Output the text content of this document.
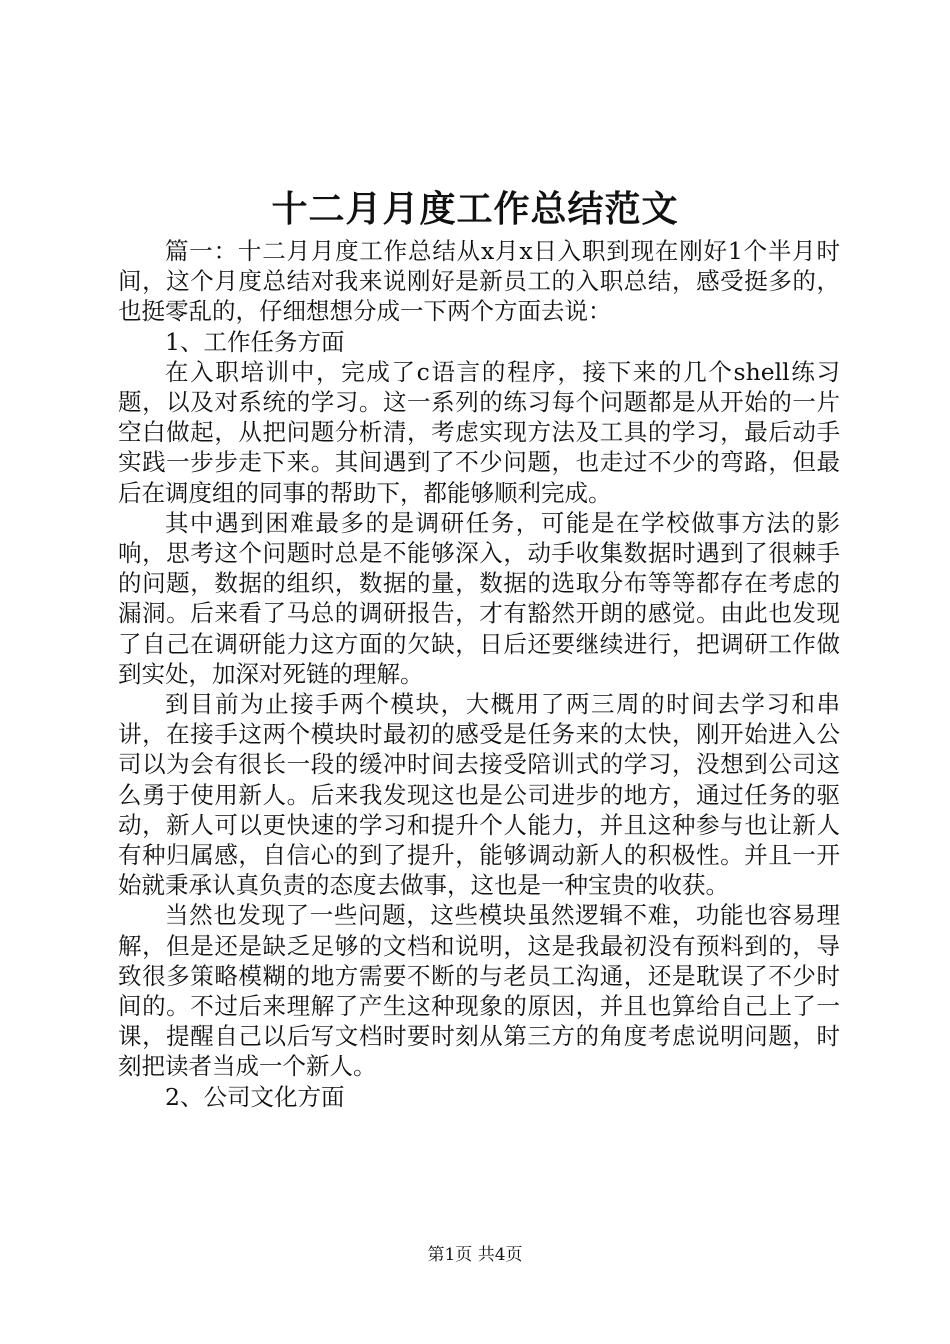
十二月月度工作总结范文

篇一：十二月月度工作总结从x月x日入职到现在刚好1个半月时间，这个月度总结对我来说刚好是新员工的入职总结，感受挺多的，也挺零乱的，仔细想想分成一下两个方面去说：

1、工作任务方面

在入职培训中，完成了c语言的程序，接下来的几个shell练习题，以及对系统的学习。这一系列的练习每个问题都是从开始的一片空白做起，从把问题分析清，考虑实现方法及工具的学习，最后动手实践一步步走下来。其间遇到了不少问题，也走过不少的弯路，但最后在调度组的同事的帮助下，都能够顺利完成。

其中遇到困难最多的是调研任务，可能是在学校做事方法的影响，思考这个问题时总是不能够深入，动手收集数据时遇到了很棘手的问题，数据的组织，数据的量，数据的选取分布等等都存在考虑的漏洞。后来看了马总的调研报告，才有豁然开朗的感觉。由此也发现了自己在调研能力这方面的欠缺，日后还要继续进行，把调研工作做到实处，加深对死链的理解。

到目前为止接手两个模块，大概用了两三周的时间去学习和串讲，在接手这两个模块时最初的感受是任务来的太快，刚开始进入公司以为会有很长一段的缓冲时间去接受陪训式的学习，没想到公司这么勇于使用新人。后来我发现这也是公司进步的地方，通过任务的驱动，新人可以更快速的学习和提升个人能力，并且这种参与也让新人有种归属感，自信心的到了提升，能够调动新人的积极性。并且一开始就秉承认真负责的态度去做事，这也是一种宝贵的收获。

当然也发现了一些问题，这些模块虽然逻辑不难，功能也容易理解，但是还是缺乏足够的文档和说明，这是我最初没有预料到的，导致很多策略模糊的地方需要不断的与老员工沟通，还是耽误了不少时间的。不过后来理解了产生这种现象的原因，并且也算给自己上了一课，提醒自己以后写文档时要时刻从第三方的角度考虑说明问题，时刻把读者当成一个新人。

2、公司文化方面

第1页 共4页
